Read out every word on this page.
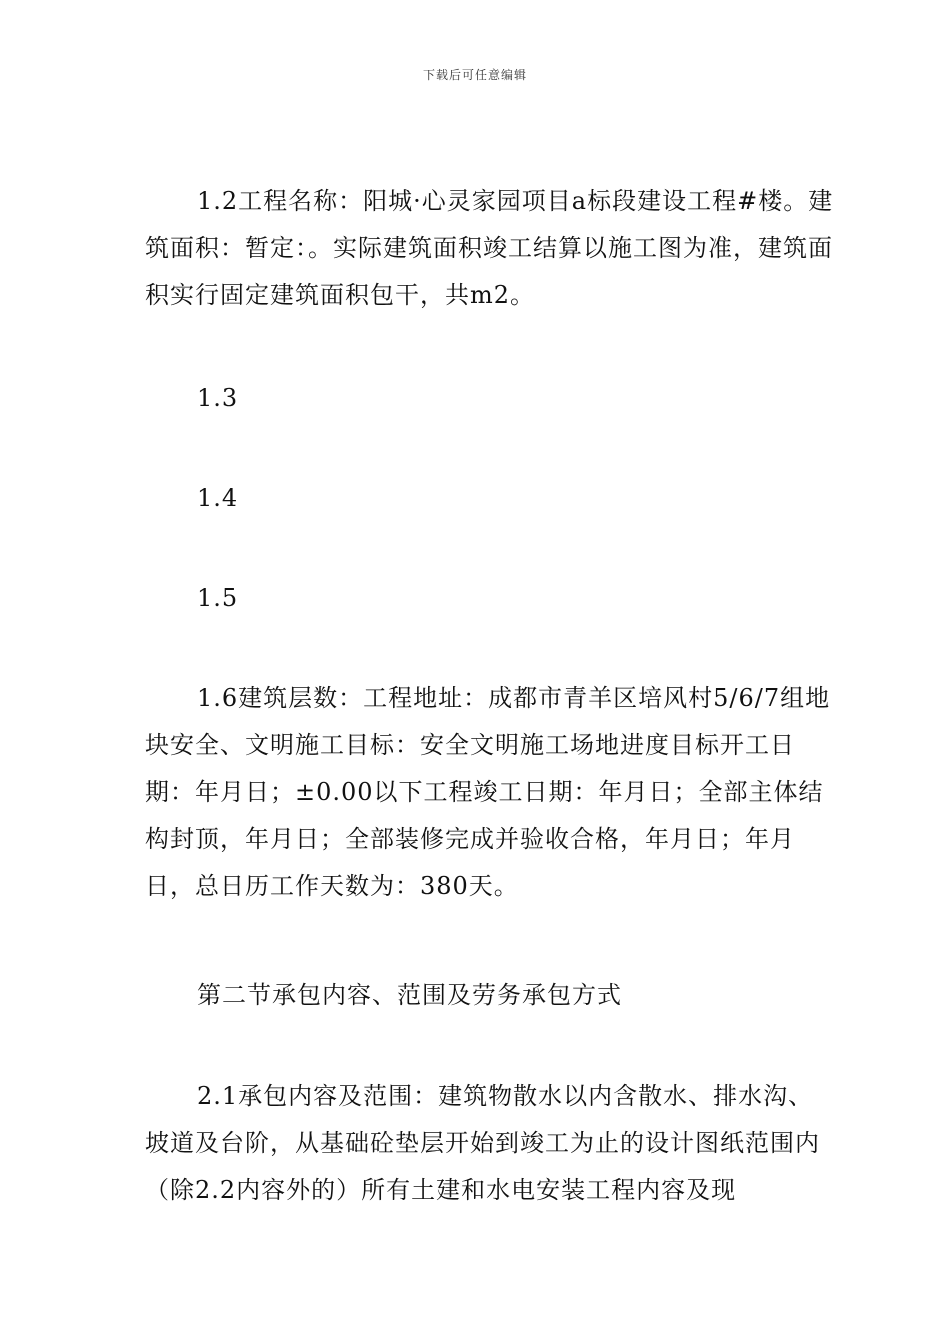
下载后可任意编辑

1.2工程名称：阳城·心灵家园项目a标段建设工程#楼。建筑面积：暂定：。实际建筑面积竣工结算以施工图为准，建筑面积实行固定建筑面积包干，共m2。

1.3

1.4

1.5

1.6建筑层数：工程地址：成都市青羊区培风村5/6/7组地块安全、文明施工目标：安全文明施工场地进度目标开工日期：年月日；±0.00以下工程竣工日期：年月日；全部主体结构封顶，年月日；全部装修完成并验收合格，年月日；年月日，总日历工作天数为：380天。

第二节承包内容、范围及劳务承包方式

2.1承包内容及范围：建筑物散水以内含散水、排水沟、坡道及台阶，从基础砼垫层开始到竣工为止的设计图纸范围内（除2.2内容外的）所有土建和水电安装工程内容及现
